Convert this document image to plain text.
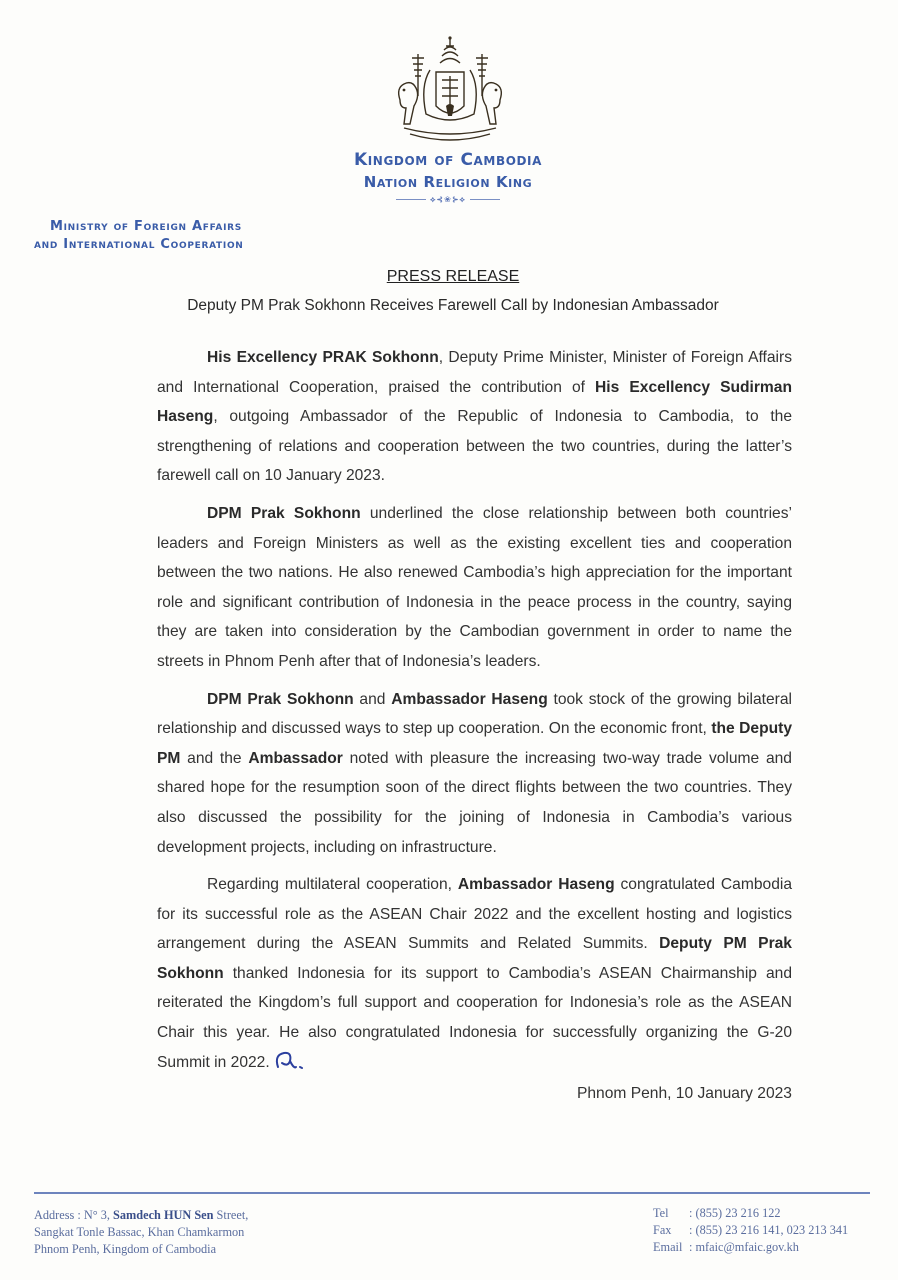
Kingdom of Cambodia
Nation Religion King
⟡⊰❀⊱⟡
Ministry of Foreign Affairs
and International Cooperation
PRESS RELEASE
Deputy PM Prak Sokhonn Receives Farewell Call by Indonesian Ambassador

His Excellency PRAK Sokhonn, Deputy Prime Minister, Minister of Foreign Affairs and International Cooperation, praised the contribution of His Excellency Sudirman Haseng, outgoing Ambassador of the Republic of Indonesia to Cambodia, to the strengthening of relations and cooperation between the two countries, during the latter’s farewell call on 10 January 2023.

DPM Prak Sokhonn underlined the close relationship between both countries’ leaders and Foreign Ministers as well as the existing excellent ties and cooperation between the two nations. He also renewed Cambodia’s high appreciation for the important role and significant contribution of Indonesia in the peace process in the country, saying they are taken into consideration by the Cambodian government in order to name the streets in Phnom Penh after that of Indonesia’s leaders.

DPM Prak Sokhonn and Ambassador Haseng took stock of the growing bilateral relationship and discussed ways to step up cooperation. On the economic front, the Deputy PM and the Ambassador noted with pleasure the increasing two-way trade volume and shared hope for the resumption soon of the direct flights between the two countries. They also discussed the possibility for the joining of Indonesia in Cambodia’s various development projects, including on infrastructure.

Regarding multilateral cooperation, Ambassador Haseng congratulated Cambodia for its successful role as the ASEAN Chair 2022 and the excellent hosting and logistics arrangement during the ASEAN Summits and Related Summits. Deputy PM Prak Sokhonn thanked Indonesia for its support to Cambodia’s ASEAN Chairmanship and reiterated the Kingdom’s full support and cooperation for Indonesia’s role as the ASEAN Chair this year. He also congratulated Indonesia for successfully organizing the G-20 Summit in 2022.

Phnom Penh, 10 January 2023
Address : N° 3, Samdech HUN Sen Street,
Sangkat Tonle Bassac, Khan Chamkarmon
Phnom Penh, Kingdom of Cambodia
Tel : (855) 23 216 122
Fax : (855) 23 216 141, 023 213 341
Email : mfaic@mfaic.gov.kh
